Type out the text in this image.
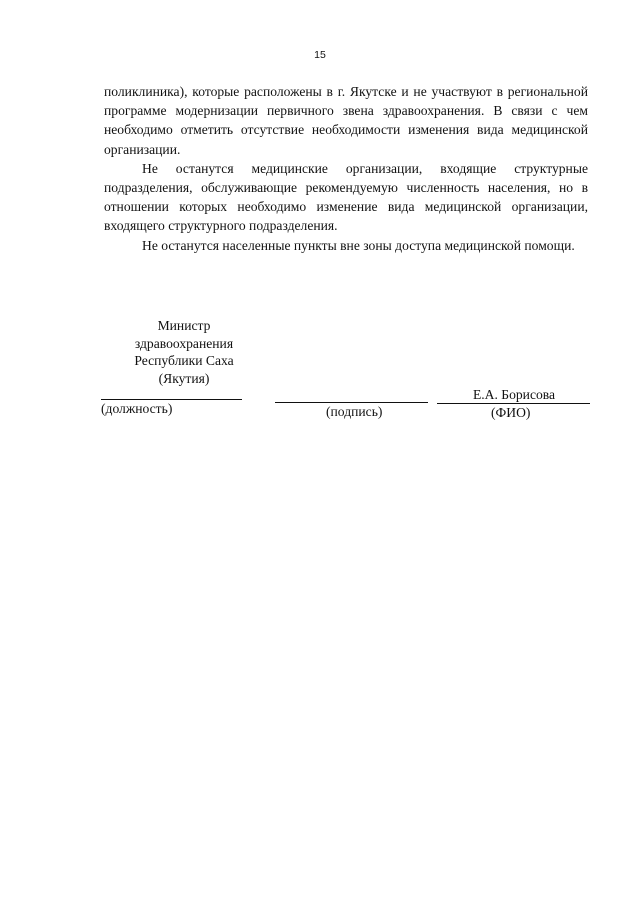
15

поликлиника), которые расположены в г. Якутске и не участвуют в региональной программе модернизации первичного звена здравоохранения. В связи с чем необходимо отметить отсутствие необходимости изменения вида медицинской организации.

Не останутся медицинские организации, входящие структурные подразделения, обслуживающие рекомендуемую численность населения, но в отношении которых необходимо изменение вида медицинской организации, входящего структурного подразделения.

Не останутся населенные пункты вне зоны доступа медицинской помощи.

Министр
здравоохранения
Республики Саха
(Якутия)
Е.А. Борисова
(должность)	(подпись)	(ФИО)
